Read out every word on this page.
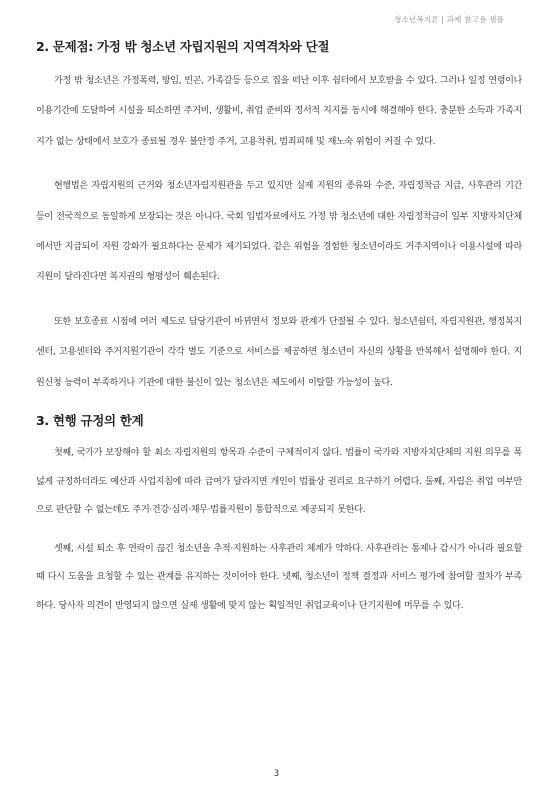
청소년복지론 | 과제 참고용 샘플
2. 문제점: 가정 밖 청소년 자립지원의 지역격차와 단절

가정 밖 청소년은 가정폭력, 방임, 빈곤, 가족갈등 등으로 집을 떠난 이후 쉼터에서 보호받을 수 있다. 그러나 일정 연령이나 이용기간에 도달하여 시설을 퇴소하면 주거비, 생활비, 취업 준비와 정서적 지지를 동시에 해결해야 한다. 충분한 소득과 가족지지가 없는 상태에서 보호가 종료될 경우 불안정 주거, 고용착취, 범죄피해 및 재노숙 위험이 커질 수 있다.

현행법은 자립지원의 근거와 청소년자립지원관을 두고 있지만 실제 지원의 종류와 수준, 자립정착금 지급, 사후관리 기간 등이 전국적으로 동일하게 보장되는 것은 아니다. 국회 입법자료에서도 가정 밖 청소년에 대한 자립정착금이 일부 지방자치단체에서만 지급되어 지원 강화가 필요하다는 문제가 제기되었다. 같은 위험을 경험한 청소년이라도 거주지역이나 이용시설에 따라 지원이 달라진다면 복지권의 형평성이 훼손된다.

또한 보호종료 시점에 여러 제도로 담당기관이 바뀌면서 정보와 관계가 단절될 수 있다. 청소년쉼터, 자립지원관, 행정복지센터, 고용센터와 주거지원기관이 각각 별도 기준으로 서비스를 제공하면 청소년이 자신의 상황을 반복해서 설명해야 한다. 지원신청 능력이 부족하거나 기관에 대한 불신이 있는 청소년은 제도에서 이탈할 가능성이 높다.

3. 현행 규정의 한계

첫째, 국가가 보장해야 할 최소 자립지원의 항목과 수준이 구체적이지 않다. 법률이 국가와 지방자치단체의 지원 의무를 폭넓게 규정하더라도 예산과 사업지침에 따라 급여가 달라지면 개인이 법률상 권리로 요구하기 어렵다. 둘째, 자립은 취업 여부만으로 판단할 수 없는데도 주거·건강·심리·채무·법률지원이 통합적으로 제공되지 못한다.

셋째, 시설 퇴소 후 연락이 끊긴 청소년을 추적·지원하는 사후관리 체계가 약하다. 사후관리는 통제나 감시가 아니라 필요할 때 다시 도움을 요청할 수 있는 관계를 유지하는 것이어야 한다. 넷째, 청소년이 정책 결정과 서비스 평가에 참여할 절차가 부족하다. 당사자 의견이 반영되지 않으면 실제 생활에 맞지 않는 획일적인 취업교육이나 단기지원에 머무를 수 있다.

3
